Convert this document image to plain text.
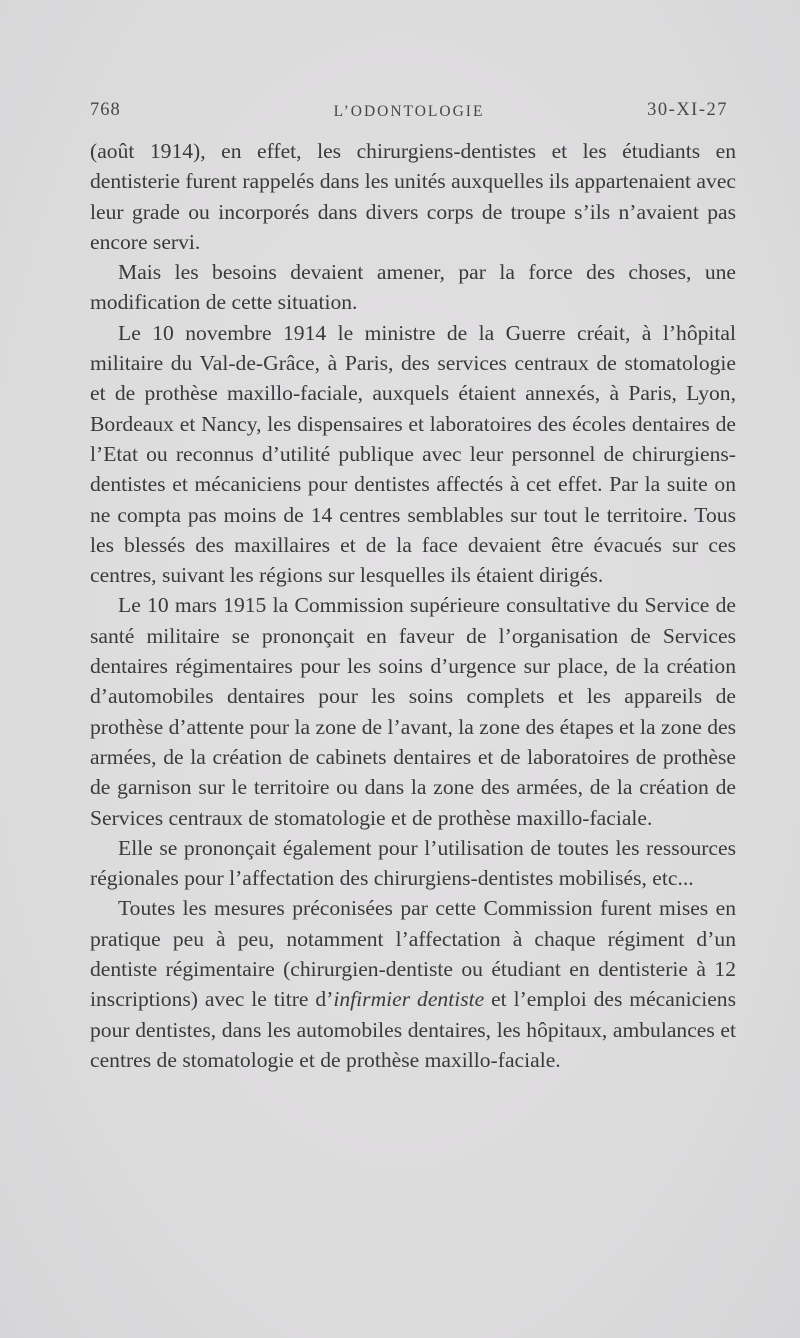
768	L’ODONTOLOGIE	30-XI-27

(août 1914), en effet, les chirurgiens-dentistes et les étudiants en dentisterie furent rappelés dans les unités auxquelles ils appartenaient avec leur grade ou incorporés dans divers corps de troupe s’ils n’avaient pas encore servi.

Mais les besoins devaient amener, par la force des choses, une modification de cette situation.

Le 10 novembre 1914 le ministre de la Guerre créait, à l’hôpital militaire du Val-de-Grâce, à Paris, des services centraux de stomatologie et de prothèse maxillo-faciale, auxquels étaient annexés, à Paris, Lyon, Bordeaux et Nancy, les dispensaires et laboratoires des écoles dentaires de l’Etat ou reconnus d’utilité publique avec leur personnel de chirurgiens-dentistes et mécaniciens pour dentistes affectés à cet effet. Par la suite on ne compta pas moins de 14 centres semblables sur tout le territoire. Tous les blessés des maxillaires et de la face devaient être évacués sur ces centres, suivant les régions sur lesquelles ils étaient dirigés.

Le 10 mars 1915 la Commission supérieure consultative du Service de santé militaire se prononçait en faveur de l’organisation de Services dentaires régimentaires pour les soins d’urgence sur place, de la création d’automobiles dentaires pour les soins complets et les appareils de prothèse d’attente pour la zone de l’avant, la zone des étapes et la zone des armées, de la création de cabinets dentaires et de laboratoires de prothèse de garnison sur le territoire ou dans la zone des armées, de la création de Services centraux de stomatologie et de prothèse maxillo-faciale.

Elle se prononçait également pour l’utilisation de toutes les ressources régionales pour l’affectation des chirurgiens-dentistes mobilisés, etc...

Toutes les mesures préconisées par cette Commission furent mises en pratique peu à peu, notamment l’affectation à chaque régiment d’un dentiste régimentaire (chirurgien-dentiste ou étudiant en dentisterie à 12 inscriptions) avec le titre d’infirmier dentiste et l’emploi des mécaniciens pour dentistes, dans les automobiles dentaires, les hôpitaux, ambulances et centres de stomatologie et de prothèse maxillo-faciale.
